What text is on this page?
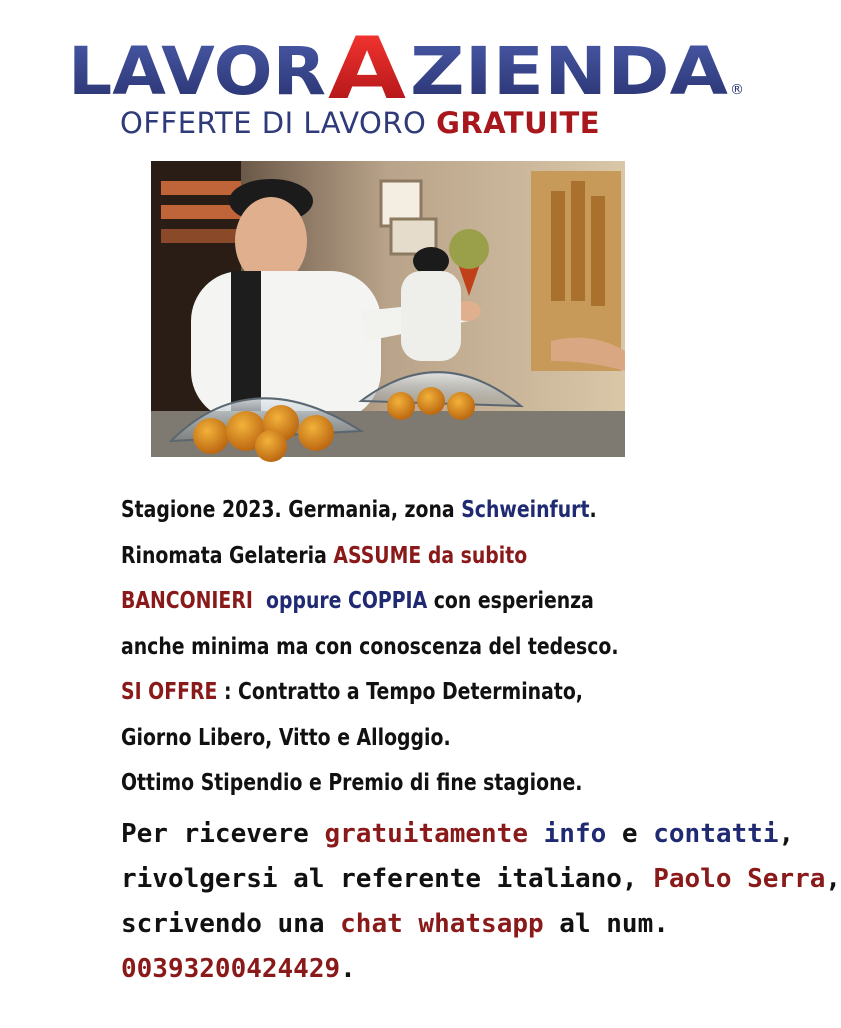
LAVOR A ZIENDA ®
OFFERTE DI LAVORO GRATUITE
Stagione 2023. Germania, zona Schweinfurt.
Rinomata Gelateria ASSUME da subito
BANCONIERI oppure COPPIA con esperienza
anche minima ma con conoscenza del tedesco.
SI OFFRE : Contratto a Tempo Determinato,
Giorno Libero, Vitto e Alloggio.
Ottimo Stipendio e Premio di fine stagione.
Per ricevere gratuitamente info e contatti,
rivolgersi al referente italiano, Paolo Serra,
scrivendo una chat whatsapp al num.
00393200424429.
